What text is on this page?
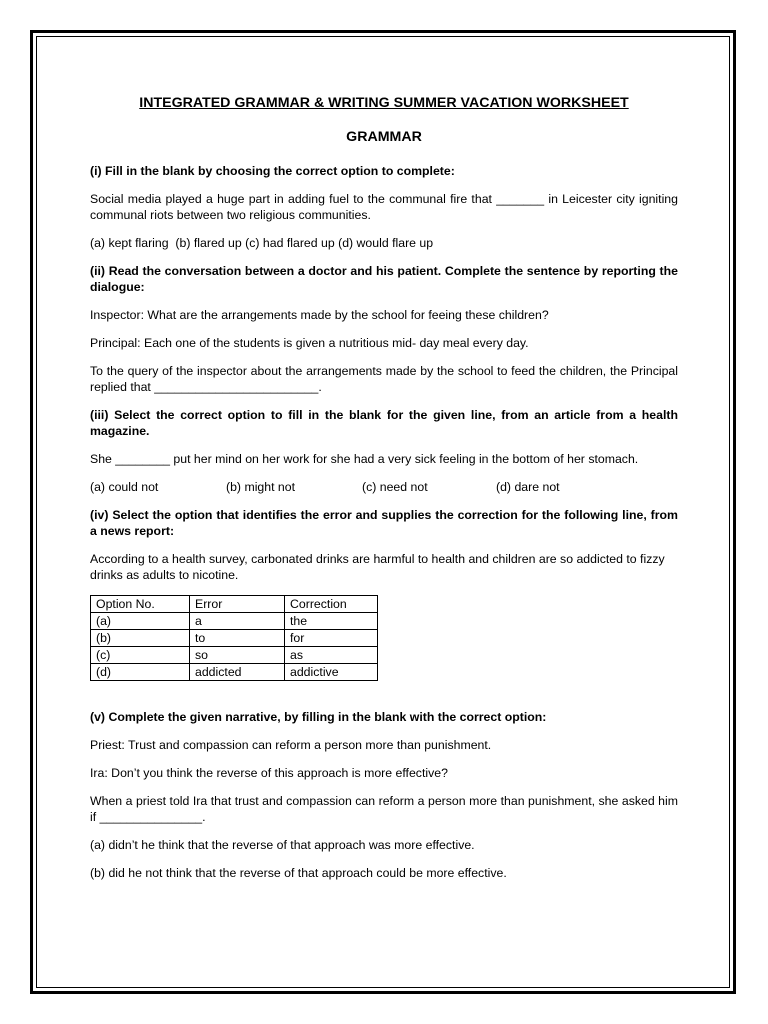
INTEGRATED GRAMMAR & WRITING SUMMER VACATION WORKSHEET

GRAMMAR

(i) Fill in the blank by choosing the correct option to complete:

Social media played a huge part in adding fuel to the communal fire that _______ in Leicester city igniting communal riots between two religious communities.

(a) kept flaring  (b) flared up (c) had flared up (d) would flare up

(ii) Read the conversation between a doctor and his patient. Complete the sentence by reporting the dialogue:

Inspector: What are the arrangements made by the school for feeing these children?

Principal: Each one of the students is given a nutritious mid- day meal every day.

To the query of the inspector about the arrangements made by the school to feed the children, the Principal replied that ________________________.

(iii) Select the correct option to fill in the blank for the given line, from an article from a health magazine.

She ________ put her mind on her work for she had a very sick feeling in the bottom of her stomach.

(a) could not	(b) might not	(c) need not	(d) dare not

(iv) Select the option that identifies the error and supplies the correction for the following line, from a news report:

According to a health survey, carbonated drinks are harmful to health and children are so addicted to fizzy drinks as adults to nicotine.

Option No.	Error	Correction
(a)	a	the
(b)	to	for
(c)	so	as
(d)	addicted	addictive

(v) Complete the given narrative, by filling in the blank with the correct option:

Priest: Trust and compassion can reform a person more than punishment.

Ira: Don’t you think the reverse of this approach is more effective?

When a priest told Ira that trust and compassion can reform a person more than punishment, she asked him if _______________.

(a) didn’t he think that the reverse of that approach was more effective.

(b) did he not think that the reverse of that approach could be more effective.
